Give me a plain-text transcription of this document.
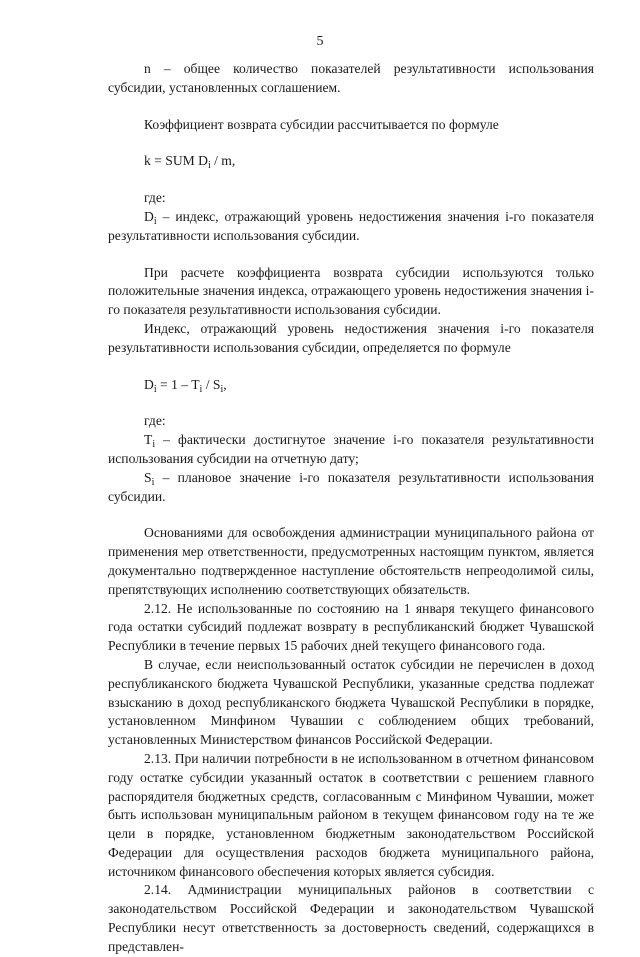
5

n – общее количество показателей результативности использования субсидии, установленных соглашением.

Коэффициент возврата субсидии рассчитывается по формуле

k = SUM $D_i$ / m,

где:

$D_i$ – индекс, отражающий уровень недостижения значения i-го показателя результативности использования субсидии.

При расчете коэффициента возврата субсидии используются только положительные значения индекса, отражающего уровень недостижения значения i-го показателя результативности использования субсидии.

Индекс, отражающий уровень недостижения значения i-го показателя результативности использования субсидии, определяется по формуле

$D_i = 1 - T_i / S_i$,

где:

$T_i$ – фактически достигнутое значение i-го показателя результативности использования субсидии на отчетную дату;

$S_i$ – плановое значение i-го показателя результативности использования субсидии.

Основаниями для освобождения администрации муниципального района от применения мер ответственности, предусмотренных настоящим пунктом, является документально подтвержденное наступление обстоятельств непреодолимой силы, препятствующих исполнению соответствующих обязательств.

2.12. Не использованные по состоянию на 1 января текущего финансового года остатки субсидий подлежат возврату в республиканский бюджет Чувашской Республики в течение первых 15 рабочих дней текущего финансового года.

В случае, если неиспользованный остаток субсидии не перечислен в доход республиканского бюджета Чувашской Республики, указанные средства подлежат взысканию в доход республиканского бюджета Чувашской Республики в порядке, установленном Минфином Чувашии с соблюдением общих требований, установленных Министерством финансов Российской Федерации.

2.13. При наличии потребности в не использованном в отчетном финансовом году остатке субсидии указанный остаток в соответствии с решением главного распорядителя бюджетных средств, согласованным с Минфином Чувашии, может быть использован муниципальным районом в текущем финансовом году на те же цели в порядке, установленном бюджетным законодательством Российской Федерации для осуществления расходов бюджета муниципального района, источником финансового обеспечения которых является субсидия.

2.14. Администрации муниципальных районов в соответствии с законодательством Российской Федерации и законодательством Чувашской Республики несут ответственность за достоверность сведений, содержащихся в представлен-
